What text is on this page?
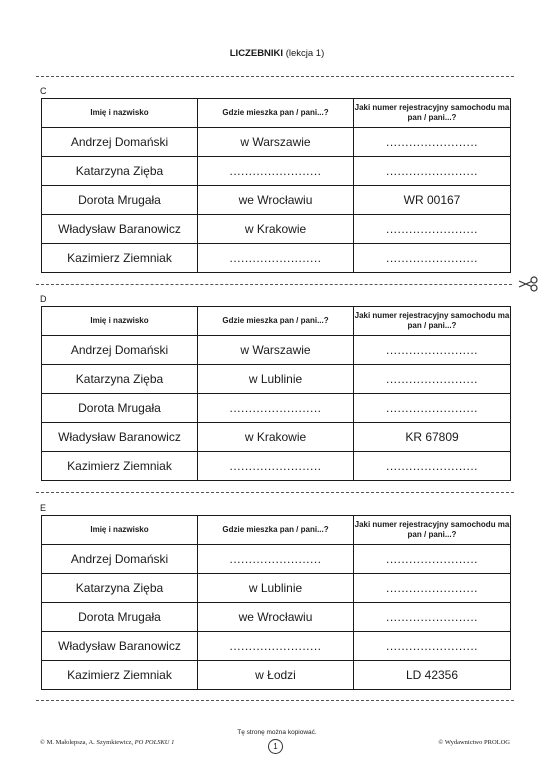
LICZEBNIKI (lekcja 1)
C
Imię i nazwisko	Gdzie mieszka pan / pani...?	Jaki numer rejestracyjny samochodu ma pan / pani...?
Andrzej Domański	w Warszawie	........................
Katarzyna Zięba	........................	........................
Dorota Mrugała	we Wrocławiu	WR 00167
Władysław Baranowicz	w Krakowie	........................
Kazimierz Ziemniak	........................	........................
D
Imię i nazwisko	Gdzie mieszka pan / pani...?	Jaki numer rejestracyjny samochodu ma pan / pani...?
Andrzej Domański	w Warszawie	........................
Katarzyna Zięba	w Lublinie	........................
Dorota Mrugała	........................	........................
Władysław Baranowicz	w Krakowie	KR 67809
Kazimierz Ziemniak	........................	........................
E
Imię i nazwisko	Gdzie mieszka pan / pani...?	Jaki numer rejestracyjny samochodu ma pan / pani...?
Andrzej Domański	........................	........................
Katarzyna Zięba	w Lublinie	........................
Dorota Mrugała	we Wrocławiu	........................
Władysław Baranowicz	........................	........................
Kazimierz Ziemniak	w Łodzi	LD 42356
Tę stronę można kopiować.
© M. Małolepsza, A. Szymkiewicz, PO POLSKU 1	1	© Wydawnictwo PROLOG
